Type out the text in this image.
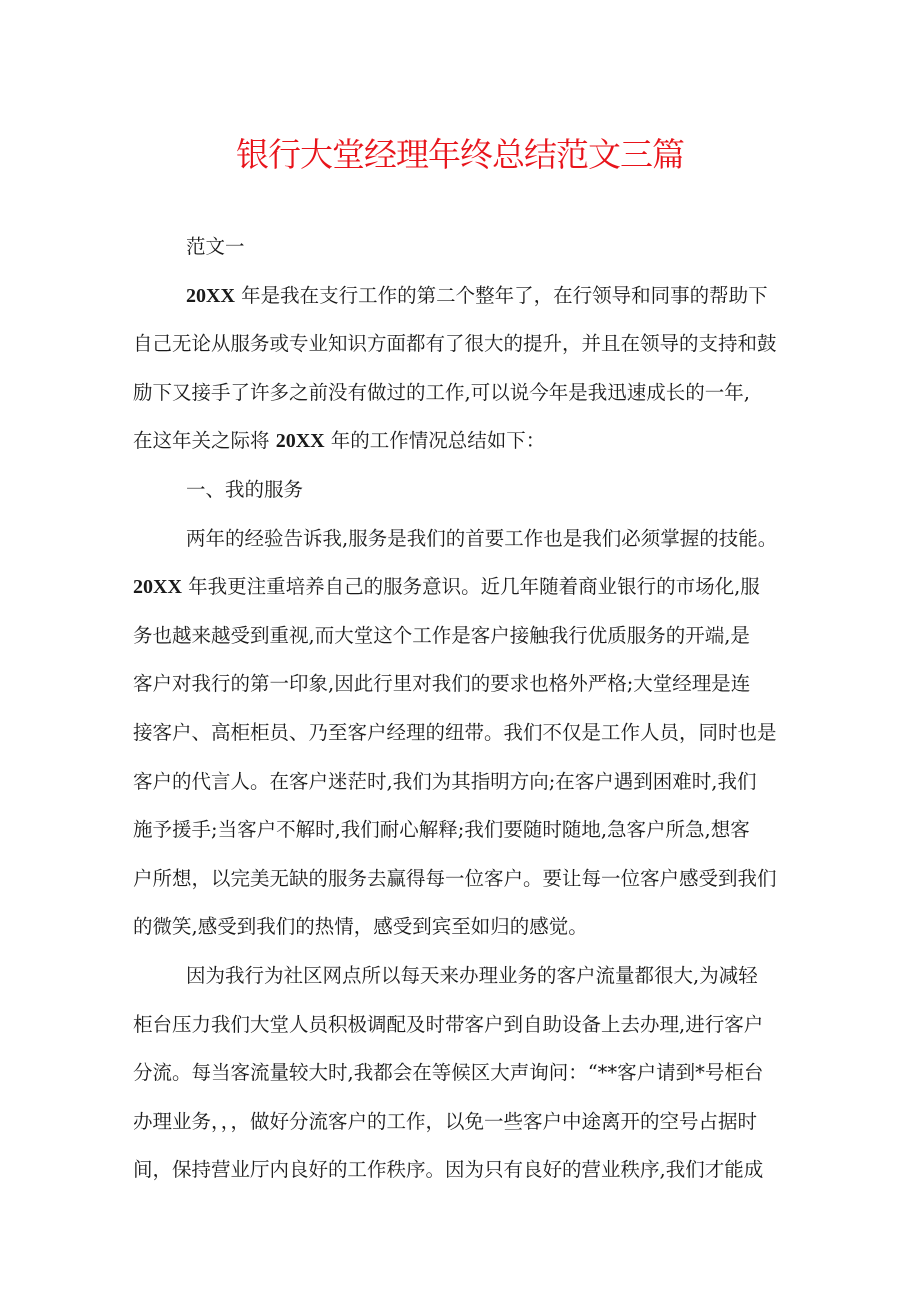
银行大堂经理年终总结范文三篇

范文一

20XX 年是我在支行工作的第二个整年了，在行领导和同事的帮助下
自己无论从服务或专业知识方面都有了很大的提升，并且在领导的支持和鼓
励下又接手了许多之前没有做过的工作,可以说今年是我迅速成长的一年,
在这年关之际将 20XX 年的工作情况总结如下：

一、我的服务

两年的经验告诉我,服务是我们的首要工作也是我们必须掌握的技能。
20XX 年我更注重培养自己的服务意识。近几年随着商业银行的市场化,服
务也越来越受到重视,而大堂这个工作是客户接触我行优质服务的开端,是
客户对我行的第一印象,因此行里对我们的要求也格外严格;大堂经理是连
接客户、高柜柜员、乃至客户经理的纽带。我们不仅是工作人员，同时也是
客户的代言人。在客户迷茫时,我们为其指明方向;在客户遇到困难时,我们
施予援手;当客户不解时,我们耐心解释;我们要随时随地,急客户所急,想客
户所想，以完美无缺的服务去赢得每一位客户。要让每一位客户感受到我们
的微笑,感受到我们的热情，感受到宾至如归的感觉。
因为我行为社区网点所以每天来办理业务的客户流量都很大,为减轻
柜台压力我们大堂人员积极调配及时带客户到自助设备上去办理,进行客户
分流。每当客流量较大时,我都会在等候区大声询问：“**客户请到*号柜台
办理业务，，，做好分流客户的工作，以免一些客户中途离开的空号占据时
间，保持营业厅内良好的工作秩序。因为只有良好的营业秩序,我们才能成
